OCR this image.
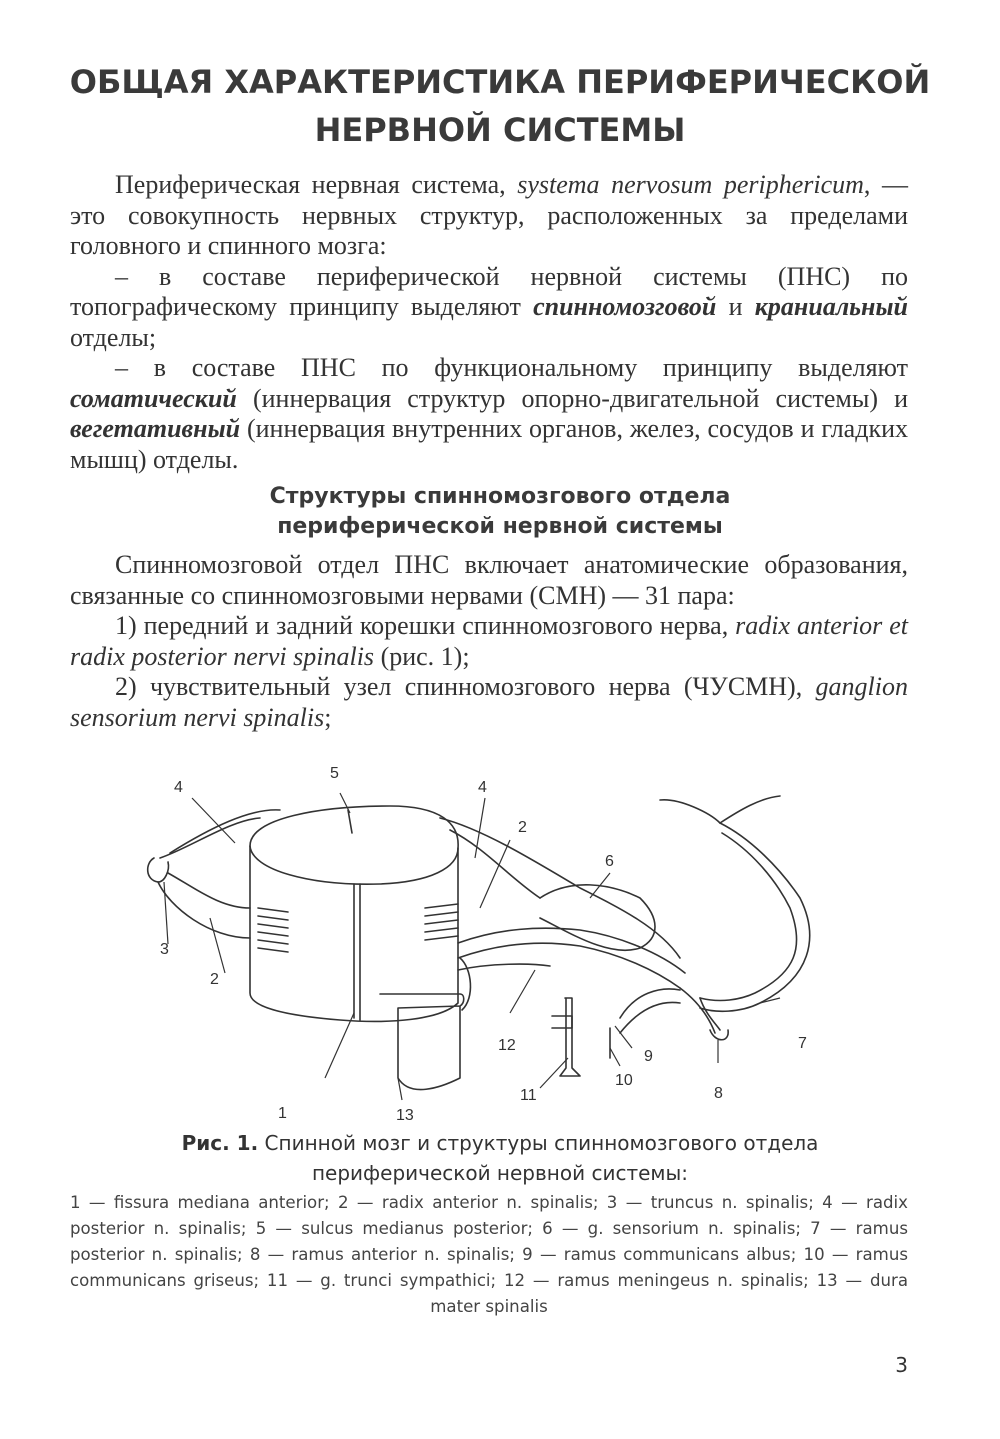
ОБЩАЯ ХАРАКТЕРИСТИКА ПЕРИФЕРИЧЕСКОЙ
НЕРВНОЙ СИСТЕМЫ

Периферическая нервная система, systema nervosum periphericum, — это совокупность нервных структур, расположенных за пределами головного и спинного мозга:

– в составе периферической нервной системы (ПНС) по топографическому принципу выделяют спинномозговой и краниальный отделы;

– в составе ПНС по функциональному принципу выделяют соматический (иннервация структур опорно-двигательной системы) и вегетативный (иннервация внутренних органов, желез, сосудов и гладких мышц) отделы.

Структуры спинномозгового отдела
периферической нервной системы

Спинномозговой отдел ПНС включает анатомические образования, связанные со спинномозговыми нервами (СМН) — 31 пара:

1) передний и задний корешки спинномозгового нерва, radix anterior et radix posterior nervi spinalis (рис. 1);

2) чувствительный узел спинномозгового нерва (ЧУСМН), ganglion sensorium nervi spinalis;

1
2
2
3
4	4
5
6
7
8
9
10
11
12
13
Рис. 1. Спинной мозг и структуры спинномозгового отдела
периферической нервной системы:
1 — fissura mediana anterior; 2 — radix anterior n. spinalis; 3 — truncus n. spinalis; 4 — radix posterior n. spinalis; 5 — sulcus medianus posterior; 6 — g. sensorium n. spinalis; 7 — ramus posterior n. spinalis; 8 — ramus anterior n. spinalis; 9 — ramus communicans albus; 10 — ramus communicans griseus; 11 — g. trunci sympathici; 12 — ramus meningeus n. spinalis; 13 — dura mater spinalis
3
